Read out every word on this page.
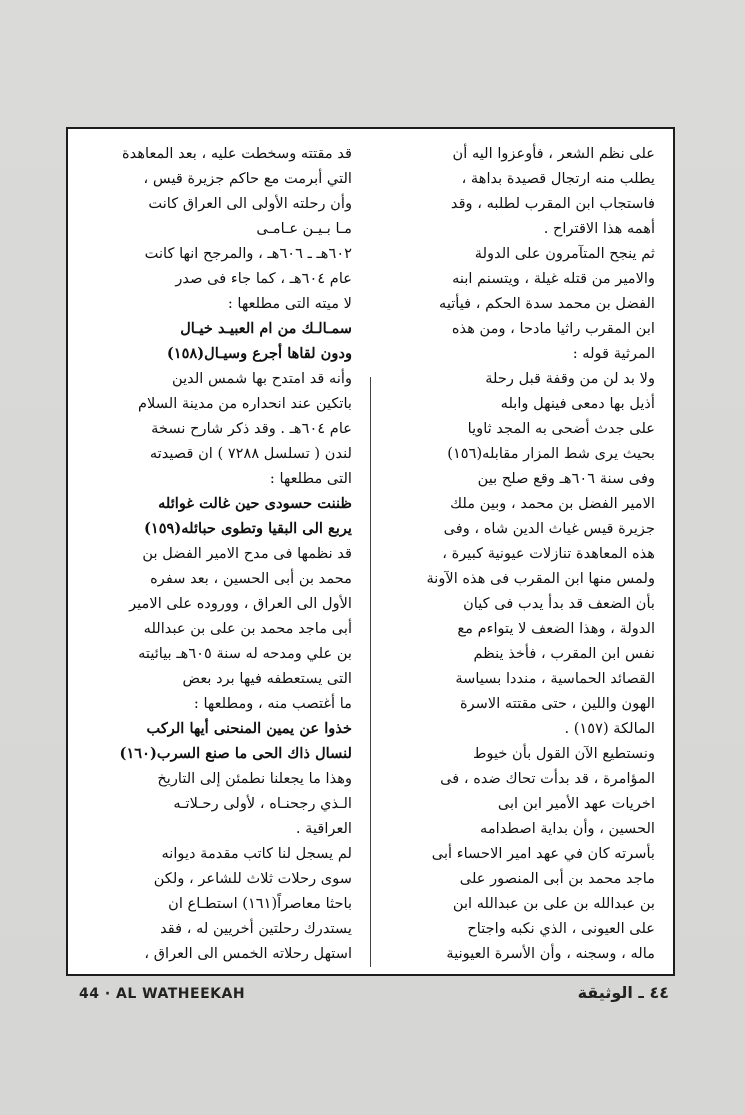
على نظم الشعر ، فأوعزوا اليه أن
يطلب منه ارتجال قصيدة بداهة ،
فاستجاب ابن المقرب لطلبه ، وقد
أهمه هذا الاقتراح .
ثم ينجح المتآمرون على الدولة
والامير من قتله غيلة ، ويتسنم ابنه
الفضل بن محمد سدة الحكم ، فيأتيه
ابن المقرب راثيا مادحا ، ومن هذه
المرثية قوله :
ولا بد لن من وقفة قبل رحلة
أذيل بها دمعى فينهل وابله
على جدث أضحى به المجد ثاويا
بحيث يرى شط المزار مقابله(١٥٦)
وفى سنة ٦٠٦هـ وقع صلح بين
الامير الفضل بن محمد ، وبين ملك
جزيرة قيس غياث الدين شاه ، وفى
هذه المعاهدة تنازلات عيونية كبيرة ،
ولمس منها ابن المقرب فى هذه الآونة
بأن الضعف قد بدأ يدب فى كيان
الدولة ، وهذا الضعف لا يتواءم مع
نفس ابن المقرب ، فأخذ ينظم
القصائد الحماسية ، منددا بسياسة
الهون واللين ، حتى مقتته الاسرة
المالكة (١٥٧) .
ونستطيع الآن القول بأن خيوط
المؤامرة ، قد بدأت تحاك ضده ، فى
اخريات عهد الأمير ابن ابى
الحسين ، وأن بداية اصطدامه
بأسرته كان في عهد امير الاحساء أبى
ماجد محمد بن أبى المنصور على
بن عبدالله بن على بن عبدالله ابن
على العيونى ، الذي نكبه واجتاح
ماله ، وسجنه ، وأن الأسرة العيونية
قد مقتته وسخطت عليه ، بعد المعاهدة
التي أبرمت مع حاكم جزيرة قيس ،
وأن رحلته الأولى الى العراق كانت
مـا بـيـن عـامـى
٦٠٢هـ ـ ٦٠٦هـ ، والمرجح انها كانت
عام ٦٠٤هـ ، كما جاء فى صدر
لا ميته التى مطلعها :
سمـالـك من ام العبيـد خيـال
ودون لقاها أجرع وسيـال(١٥٨)
وأنه قد امتدح بها شمس الدين
باتكين عند انحداره من مدينة السلام
عام ٦٠٤هـ . وقد ذكر شارح نسخة
لندن ( تسلسل ٧٢٨٨ ) ان قصيدته
التى مطلعها :
ظننت حسودى حين غالت غوائله
يربع الى البقيا وتطوى حبائله(١٥٩)
قد نظمها فى مدح الامير الفضل بن
محمد بن أبى الحسين ، بعد سفره
الأول الى العراق ، ووروده على الامير
أبى ماجد محمد بن على بن عبدالله
بن علي ومدحه له سنة ٦٠٥هـ بيائيته
التى يستعطفه فيها برد بعض
ما أغتصب منه ، ومطلعها :
خذوا عن يمين المنحنى أيها الركب
لنسال ذاك الحى ما صنع السرب(١٦٠)
وهذا ما يجعلنا نطمئن إلى التاريخ
الـذي رجحنـاه ، لأولى رحـلاتـه
العراقية .
لم يسجل لنا كاتب مقدمة ديوانه
سوى رحلات ثلاث للشاعر ، ولكن
باحثا معاصراً(١٦١) استطـاع ان
يستدرك رحلتين أخريين له ، فقد
استهل رحلاته الخمس الى العراق ،
44 · AL WATHEEKAH	٤٤ ـ الوثيقة
